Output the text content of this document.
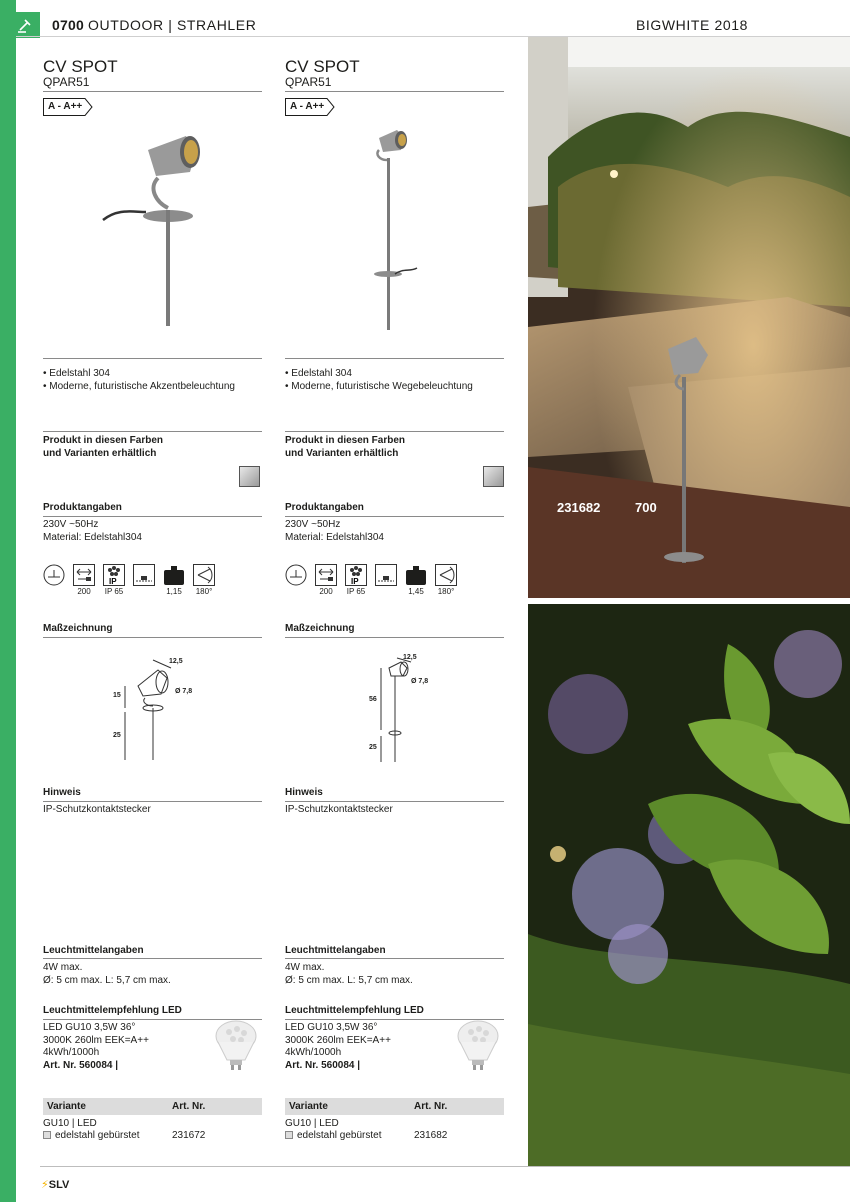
0700 OUTDOOR | STRAHLER	BIGWHITE 2018
CV SPOT
QPAR51
A - A++
• Edelstahl 304
• Moderne, futuristische Akzentbeleuchtung
Produkt in diesen Farben
und Varianten erhältlich
Produktangaben
230V ~50Hz
Material: Edelstahl304
200
IP
IP 65	1,15	180°
Maßzeichnung
12,5
15
Ø 7,8
25
Hinweis
IP-Schutzkontaktstecker
Leuchtmittelangaben
4W max.
Ø: 5 cm max. L: 5,7 cm max.
Leuchtmittelempfehlung LED
LED GU10 3,5W 36°
3000K 260lm EEK=A++
4kWh/1000h
Art. Nr. 560084 |
Variante	Art. Nr.
GU10 | LED
edelstahl gebürstet	231672
CV SPOT
QPAR51
A - A++
• Edelstahl 304
• Moderne, futuristische Wegebeleuchtung
Produkt in diesen Farben
und Varianten erhältlich
Produktangaben
230V ~50Hz
Material: Edelstahl304
200
IP
IP 65	1,45	180°
Maßzeichnung
12,5
56
Ø 7,8
25
Hinweis
IP-Schutzkontaktstecker
Leuchtmittelangaben
4W max.
Ø: 5 cm max. L: 5,7 cm max.
Leuchtmittelempfehlung LED
LED GU10 3,5W 36°
3000K 260lm EEK=A++
4kWh/1000h
Art. Nr. 560084 |
Variante	Art. Nr.
GU10 | LED
edelstahl gebürstet	231682
231682	700
⚡SLV
